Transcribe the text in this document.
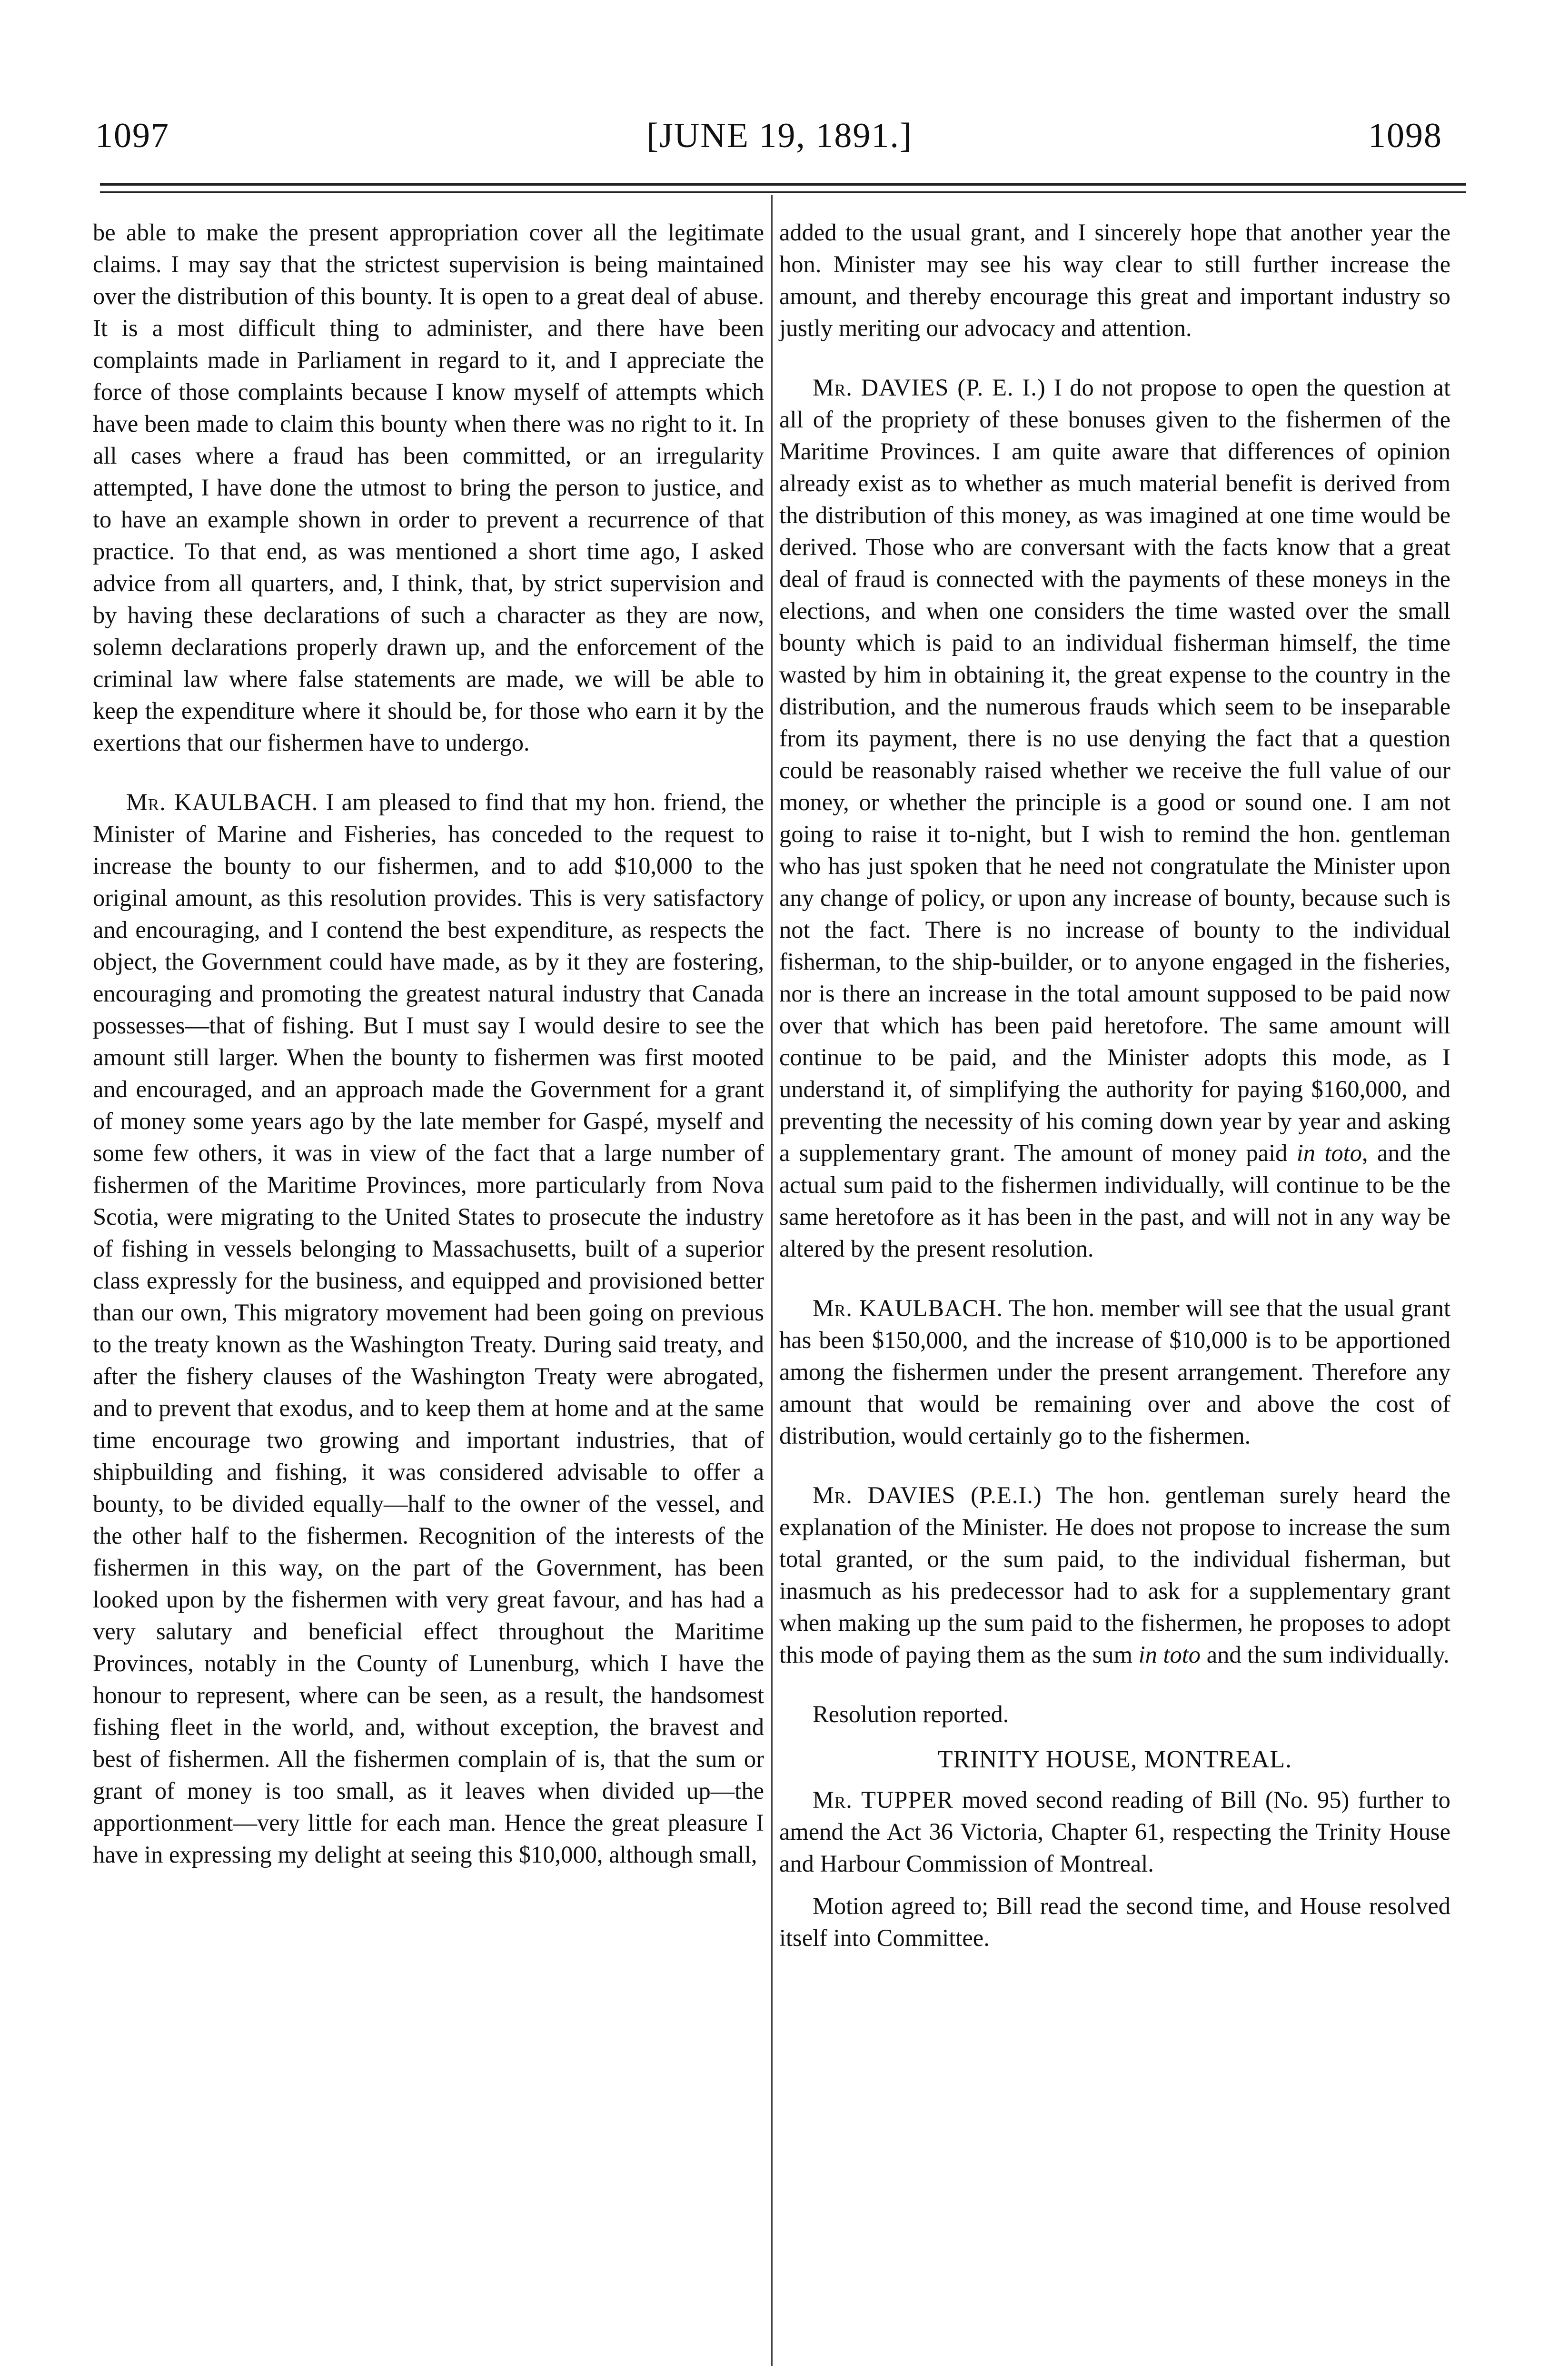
1097	[JUNE 19, 1891.]	1098

be able to make the present appropriation cover all the legitimate claims. I may say that the strictest supervision is being maintained over the distribution of this bounty. It is open to a great deal of abuse. It is a most difficult thing to administer, and there have been complaints made in Parliament in regard to it, and I appreciate the force of those complaints because I know myself of attempts which have been made to claim this bounty when there was no right to it. In all cases where a fraud has been committed, or an irregularity attempted, I have done the utmost to bring the person to justice, and to have an example shown in order to prevent a recurrence of that practice. To that end, as was mentioned a short time ago, I asked advice from all quarters, and, I think, that, by strict supervision and by having these declarations of such a character as they are now, solemn declarations properly drawn up, and the enforcement of the criminal law where false statements are made, we will be able to keep the expenditure where it should be, for those who earn it by the exertions that our fishermen have to undergo.

Mr. KAULBACH. I am pleased to find that my hon. friend, the Minister of Marine and Fisheries, has conceded to the request to increase the bounty to our fishermen, and to add $10,000 to the original amount, as this resolution provides. This is very satisfactory and encouraging, and I contend the best expenditure, as respects the object, the Government could have made, as by it they are fostering, encouraging and promoting the greatest natural industry that Canada possesses—that of fishing. But I must say I would desire to see the amount still larger. When the bounty to fishermen was first mooted and encouraged, and an approach made the Government for a grant of money some years ago by the late member for Gaspé, myself and some few others, it was in view of the fact that a large number of fishermen of the Maritime Provinces, more particularly from Nova Scotia, were migrating to the United States to prosecute the industry of fishing in vessels belonging to Massachusetts, built of a superior class expressly for the business, and equipped and provisioned better than our own, This migratory movement had been going on previous to the treaty known as the Washington Treaty. During said treaty, and after the fishery clauses of the Washington Treaty were abrogated, and to prevent that exodus, and to keep them at home and at the same time encourage two growing and important industries, that of shipbuilding and fishing, it was considered advisable to offer a bounty, to be divided equally—half to the owner of the vessel, and the other half to the fishermen. Recognition of the interests of the fishermen in this way, on the part of the Government, has been looked upon by the fishermen with very great favour, and has had a very salutary and beneficial effect throughout the Maritime Provinces, notably in the County of Lunenburg, which I have the honour to represent, where can be seen, as a result, the handsomest fishing fleet in the world, and, without exception, the bravest and best of fishermen. All the fishermen complain of is, that the sum or grant of money is too small, as it leaves when divided up—the apportionment—very little for each man. Hence the great pleasure I have in expressing my delight at seeing this $10,000, although small,

added to the usual grant, and I sincerely hope that another year the hon. Minister may see his way clear to still further increase the amount, and thereby encourage this great and important industry so justly meriting our advocacy and attention.

Mr. DAVIES (P. E. I.) I do not propose to open the question at all of the propriety of these bonuses given to the fishermen of the Maritime Provinces. I am quite aware that differences of opinion already exist as to whether as much material benefit is derived from the distribution of this money, as was imagined at one time would be derived. Those who are conversant with the facts know that a great deal of fraud is connected with the payments of these moneys in the elections, and when one considers the time wasted over the small bounty which is paid to an individual fisherman himself, the time wasted by him in obtaining it, the great expense to the country in the distribution, and the numerous frauds which seem to be inseparable from its payment, there is no use denying the fact that a question could be reasonably raised whether we receive the full value of our money, or whether the principle is a good or sound one. I am not going to raise it to-night, but I wish to remind the hon. gentleman who has just spoken that he need not congratulate the Minister upon any change of policy, or upon any increase of bounty, because such is not the fact. There is no increase of bounty to the individual fisherman, to the ship-builder, or to anyone engaged in the fisheries, nor is there an increase in the total amount supposed to be paid now over that which has been paid heretofore. The same amount will continue to be paid, and the Minister adopts this mode, as I understand it, of simplifying the authority for paying $160,000, and preventing the necessity of his coming down year by year and asking a supplementary grant. The amount of money paid in toto, and the actual sum paid to the fishermen individually, will continue to be the same heretofore as it has been in the past, and will not in any way be altered by the present resolution.

Mr. KAULBACH. The hon. member will see that the usual grant has been $150,000, and the increase of $10,000 is to be apportioned among the fishermen under the present arrangement. Therefore any amount that would be remaining over and above the cost of distribution, would certainly go to the fishermen.

Mr. DAVIES (P.E.I.) The hon. gentleman surely heard the explanation of the Minister. He does not propose to increase the sum total granted, or the sum paid, to the individual fisherman, but inasmuch as his predecessor had to ask for a supplementary grant when making up the sum paid to the fishermen, he proposes to adopt this mode of paying them as the sum in toto and the sum individually.

Resolution reported.

TRINITY HOUSE, MONTREAL.

Mr. TUPPER moved second reading of Bill (No. 95) further to amend the Act 36 Victoria, Chapter 61, respecting the Trinity House and Harbour Commission of Montreal.

Motion agreed to; Bill read the second time, and House resolved itself into Committee.
